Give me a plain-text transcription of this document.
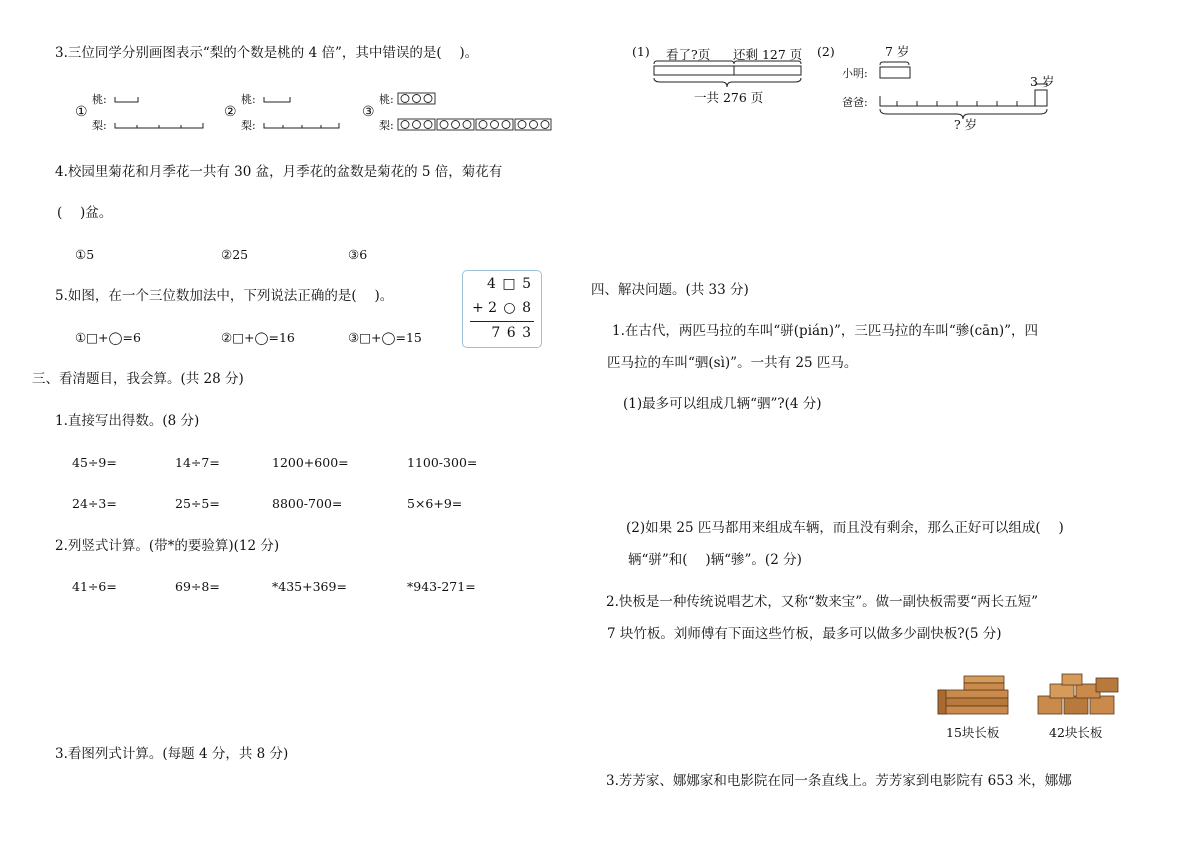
3.三位同学分别画图表示“梨的个数是桃的 4 倍”，其中错误的是(　 )。
①
桃:
梨:
②
桃:
梨:
③
桃:
梨:
4.校园里菊花和月季花一共有 30 盆，月季花的盆数是菊花的 5 倍，菊花有
(　 )盆。
①5	②25	③6
5.如图，在一个三位数加法中，下列说法正确的是(　 )。
①□+◯=6	②□+◯=16	③□+◯=15
4 □ 5
+ 2 ○ 8
7 6 3
三、看清题目，我会算。(共 28 分)
1.直接写出得数。(8 分)
45÷9=	14÷7=	1200+600=	1100-300=
24÷3=	25÷5=	8800-700=	5×6+9=
2.列竖式计算。(带*的要验算)(12 分)
41÷6=	69÷8=	*435+369=	*943-271=
3.看图列式计算。(每题 4 分，共 8 分)
(1) 看了?页 还剩 127 页
一共 276 页
(2)	7 岁
小明:
爸爸:
3 岁
? 岁
四、解决问题。(共 33 分)
1.在古代，两匹马拉的车叫“骈(pián)”，三匹马拉的车叫“骖(cān)”，四
匹马拉的车叫“驷(sì)”。一共有 25 匹马。
(1)最多可以组成几辆“驷”?(4 分)
(2)如果 25 匹马都用来组成车辆，而且没有剩余，那么正好可以组成(　 )
辆“骈”和(　 )辆“骖”。(2 分)
2.快板是一种传统说唱艺术，又称“数来宝”。做一副快板需要“两长五短”
7 块竹板。刘师傅有下面这些竹板，最多可以做多少副快板?(5 分)
15块长板	42块长板
3.芳芳家、娜娜家和电影院在同一条直线上。芳芳家到电影院有 653 米，娜娜
